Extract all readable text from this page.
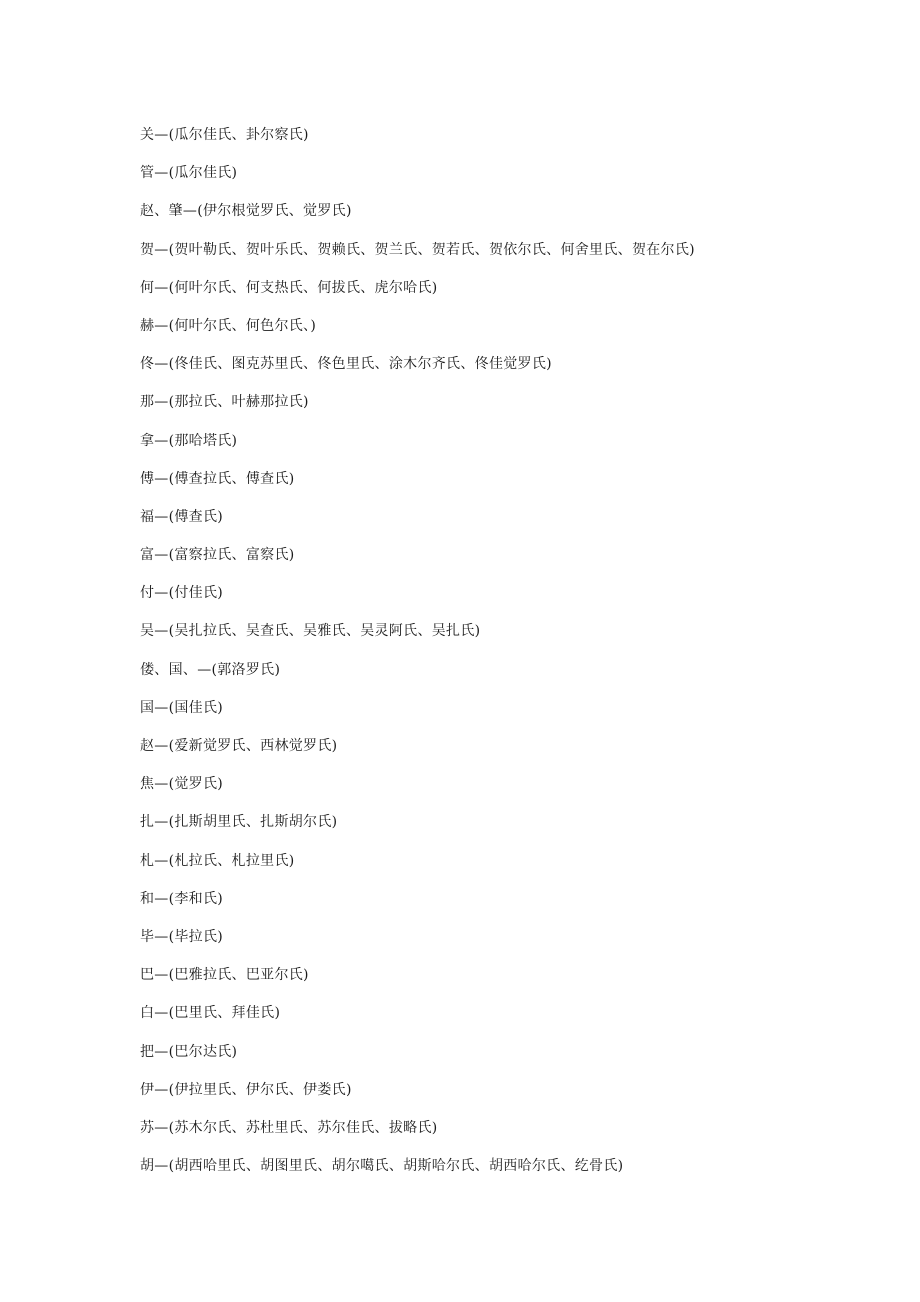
关—(瓜尔佳氏、卦尔察氏)
管—(瓜尔佳氏)
赵、肇—(伊尔根觉罗氏、觉罗氏)
贺—(贺叶勒氏、贺叶乐氏、贺赖氏、贺兰氏、贺若氏、贺依尔氏、何舍里氏、贺在尔氏)
何—(何叶尔氏、何支热氏、何拔氏、虎尔哈氏)
赫—(何叶尔氏、何色尔氏、)
佟—(佟佳氏、图克苏里氏、佟色里氏、涂木尔齐氏、佟佳觉罗氏)
那—(那拉氏、叶赫那拉氏)
拿—(那哈塔氏)
傅—(傅查拉氏、傅查氏)
福—(傅查氏)
富—(富察拉氏、富察氏)
付—(付佳氏)
吴—(吴扎拉氏、吴查氏、吴雅氏、吴灵阿氏、吴扎氏)
偻、国、—(郭洛罗氏)
国—(国佳氏)
赵—(爱新觉罗氏、西林觉罗氏)
焦—(觉罗氏)
扎—(扎斯胡里氏、扎斯胡尔氏)
札—(札拉氏、札拉里氏)
和—(李和氏)
毕—(毕拉氏)
巴—(巴雅拉氏、巴亚尔氏)
白—(巴里氏、拜佳氏)
把—(巴尔达氏)
伊—(伊拉里氏、伊尔氏、伊娄氏)
苏—(苏木尔氏、苏杜里氏、苏尔佳氏、拔略氏)
胡—(胡西哈里氏、胡图里氏、胡尔噶氏、胡斯哈尔氏、胡西哈尔氏、纥骨氏)
